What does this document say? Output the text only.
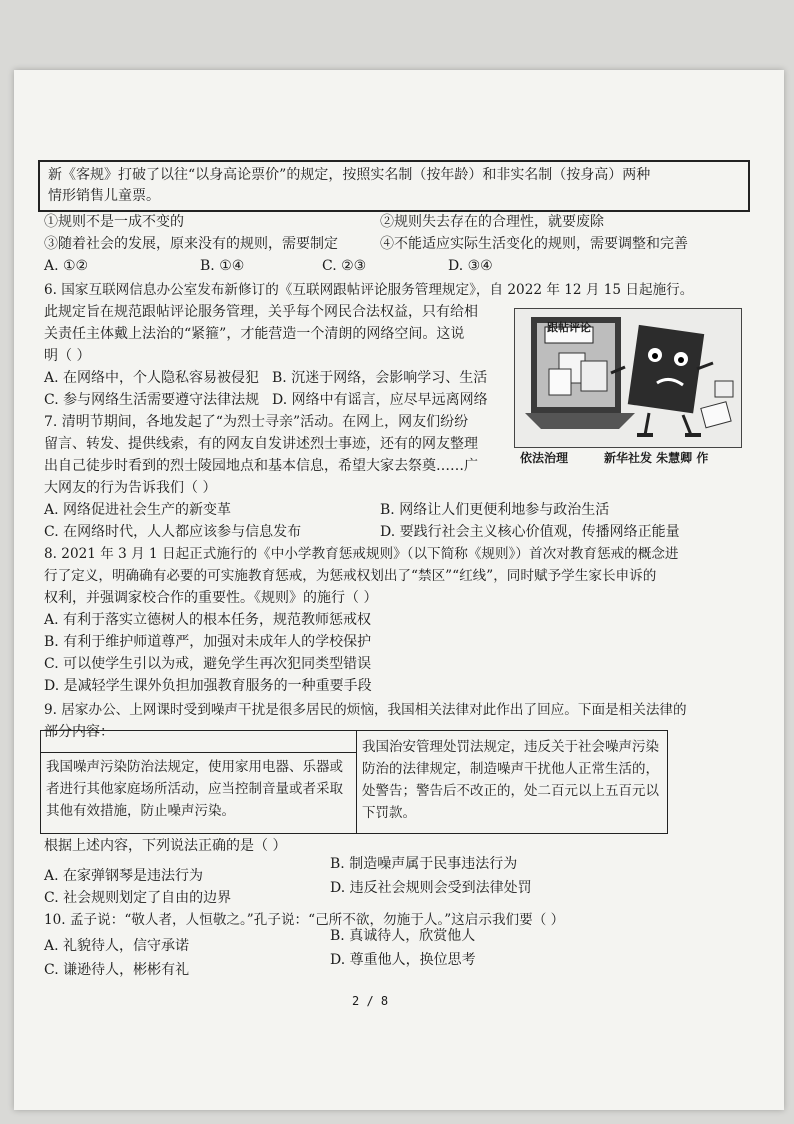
新《客规》打破了以往“以身高论票价”的规定，按照实名制（按年龄）和非实名制（按身高）两种
情形销售儿童票。
①规则不是一成不变的	②规则失去存在的合理性，就要废除
③随着社会的发展，原来没有的规则，需要制定	④不能适应实际生活变化的规则，需要调整和完善
A. ①②	B. ①④	C. ②③	D. ③④
6. 国家互联网信息办公室发布新修订的《互联网跟帖评论服务管理规定》，自 2022 年 12 月 15 日起施行。
此规定旨在规范跟帖评论服务管理，关乎每个网民合法权益，只有给相
关责任主体戴上法治的“紧箍”，才能营造一个清朗的网络空间。这说
明（ ）
A. 在网络中，个人隐私容易被侵犯 B. 沉迷于网络，会影响学习、生活
C. 参与网络生活需要遵守法律法规 D. 网络中有谣言，应尽早远离网络
跟帖评论
依法治理	新华社发 朱慧卿 作
7. 清明节期间，各地发起了“为烈士寻亲”活动。在网上，网友们纷纷
留言、转发、提供线索，有的网友自发讲述烈士事迹，还有的网友整理
出自己徒步时看到的烈士陵园地点和基本信息，希望大家去祭奠……广
大网友的行为告诉我们（ ）
A. 网络促进社会生产的新变革	B. 网络让人们更便利地参与政治生活
C. 在网络时代，人人都应该参与信息发布	D. 要践行社会主义核心价值观，传播网络正能量
8. 2021 年 3 月 1 日起正式施行的《中小学教育惩戒规则》（以下简称《规则》）首次对教育惩戒的概念进
行了定义，明确确有必要的可实施教育惩戒，为惩戒权划出了“禁区”“红线”，同时赋予学生家长申诉的
权利，并强调家校合作的重要性。《规则》的施行（ ）
A. 有利于落实立德树人的根本任务，规范教师惩戒权
B. 有利于维护师道尊严，加强对未成年人的学校保护
C. 可以使学生引以为戒，避免学生再次犯同类型错误
D. 是减轻学生课外负担加强教育服务的一种重要手段
9. 居家办公、上网课时受到噪声干扰是很多居民的烦恼，我国相关法律对此作出了回应。下面是相关法律的
部分内容：
我国噪声污染防治法规定，使用家用电器、乐器或者进行其他家庭场所活动，应当控制音量或者采取其他有效措施，防止噪声污染。
我国治安管理处罚法规定，违反关于社会噪声污染防治的法律规定，制造噪声干扰他人正常生活的，处警告；警告后不改正的，处二百元以上五百元以下罚款。
根据上述内容，下列说法正确的是（ ）
A. 在家弹钢琴是违法行为
B. 制造噪声属于民事违法行为
C. 社会规则划定了自由的边界
D. 违反社会规则会受到法律处罚
10. 孟子说：“敬人者，人恒敬之。”孔子说：“己所不欲，勿施于人。”这启示我们要（ ）
A. 礼貌待人，信守承诺
B. 真诚待人，欣赏他人
C. 谦逊待人，彬彬有礼
D. 尊重他人，换位思考
2 / 8
